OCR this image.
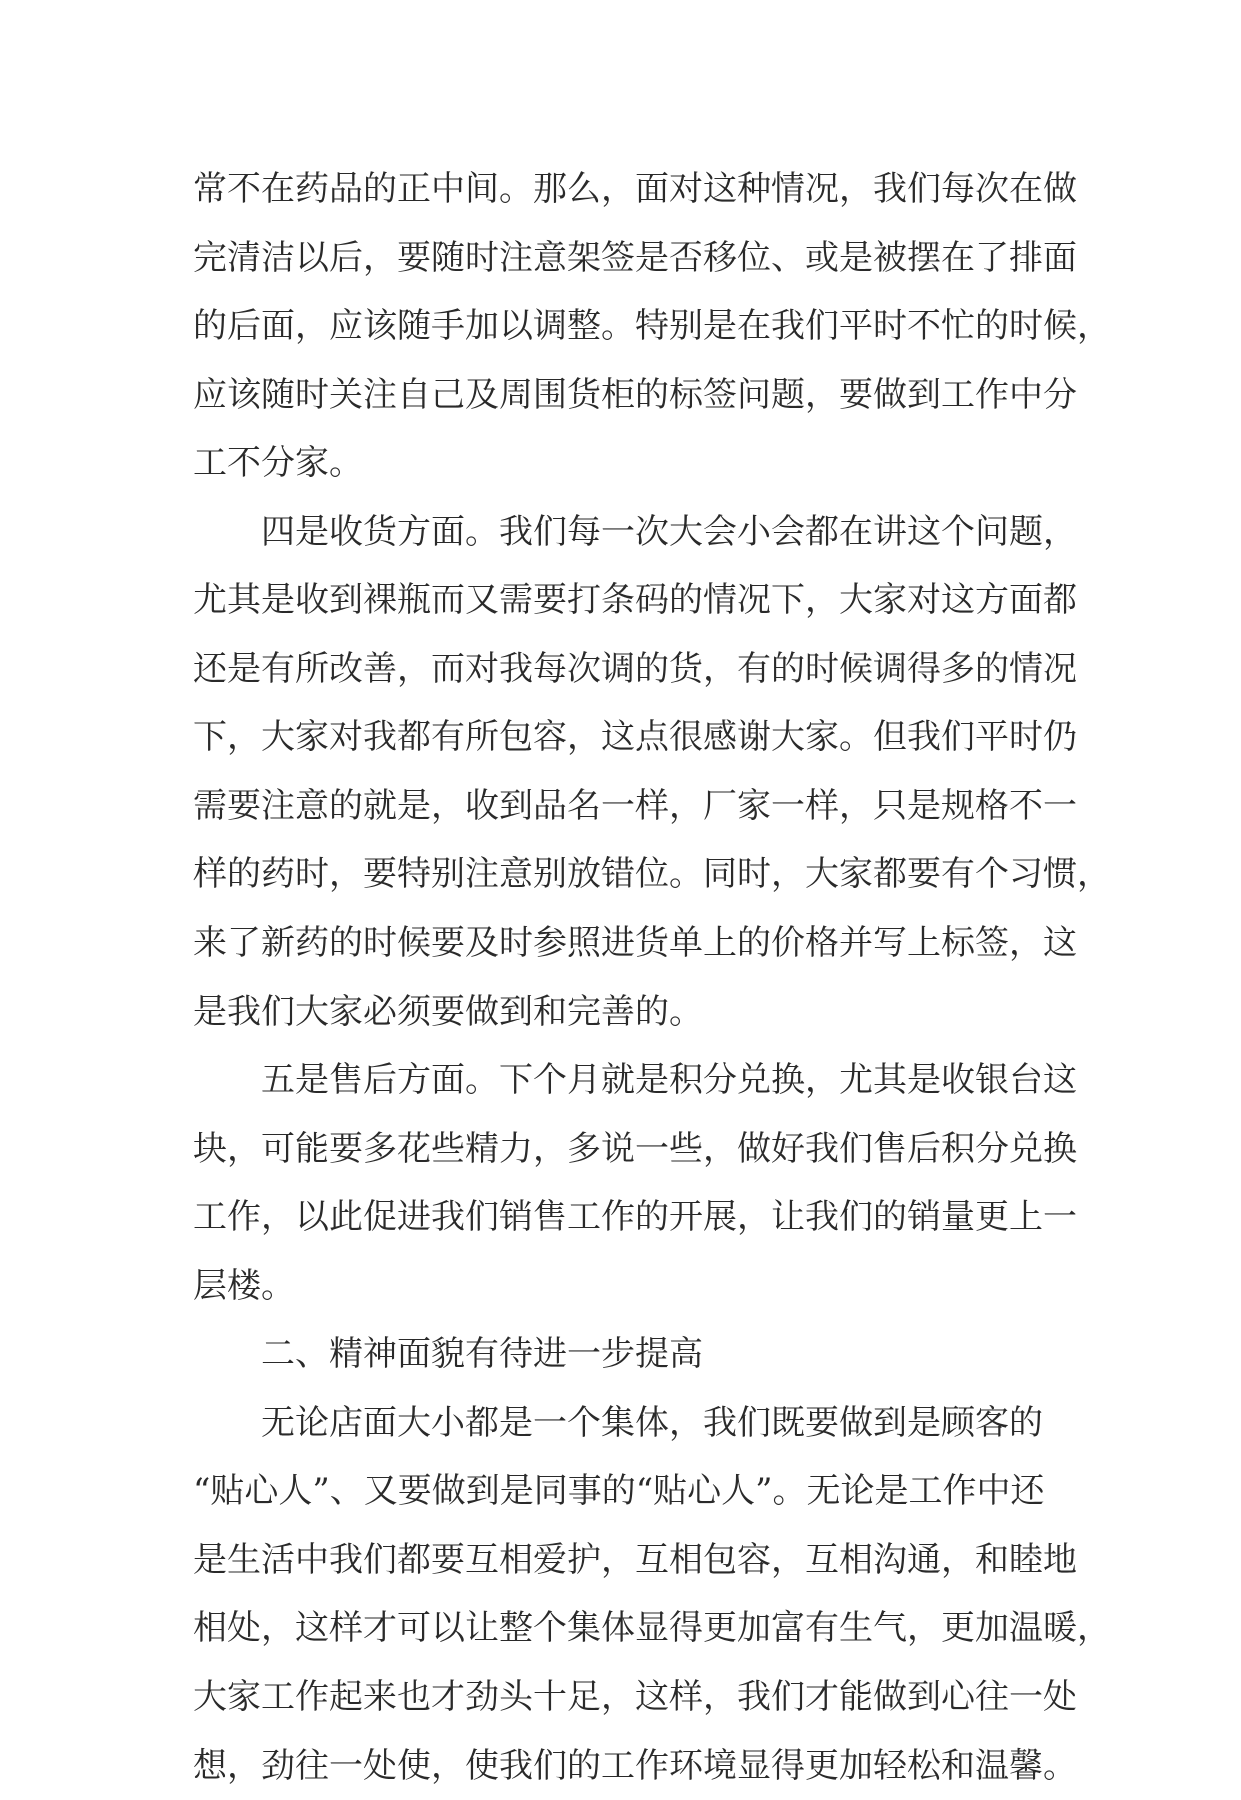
常不在药品的正中间。那么，面对这种情况，我们每次在做
完清洁以后，要随时注意架签是否移位、或是被摆在了排面
的后面，应该随手加以调整。特别是在我们平时不忙的时候，
应该随时关注自己及周围货柜的标签问题，要做到工作中分
工不分家。
四是收货方面。我们每一次大会小会都在讲这个问题，
尤其是收到裸瓶而又需要打条码的情况下，大家对这方面都
还是有所改善，而对我每次调的货，有的时候调得多的情况
下，大家对我都有所包容，这点很感谢大家。但我们平时仍
需要注意的就是，收到品名一样，厂家一样，只是规格不一
样的药时，要特别注意别放错位。同时，大家都要有个习惯，
来了新药的时候要及时参照进货单上的价格并写上标签，这
是我们大家必须要做到和完善的。
五是售后方面。下个月就是积分兑换，尤其是收银台这
块，可能要多花些精力，多说一些，做好我们售后积分兑换
工作，以此促进我们销售工作的开展，让我们的销量更上一
层楼。
二、精神面貌有待进一步提高
无论店面大小都是一个集体，我们既要做到是顾客的
“贴心人”、又要做到是同事的“贴心人”。无论是工作中还
是生活中我们都要互相爱护，互相包容，互相沟通，和睦地
相处，这样才可以让整个集体显得更加富有生气，更加温暖，
大家工作起来也才劲头十足，这样，我们才能做到心往一处
想，劲往一处使，使我们的工作环境显得更加轻松和温馨。
